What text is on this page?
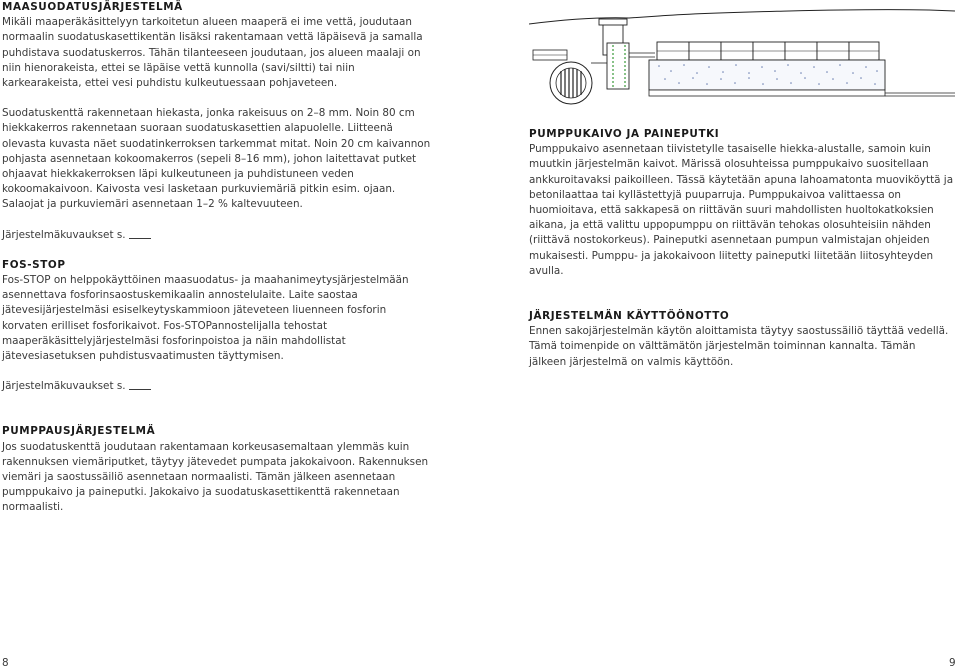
MAASUODATUSJÄRJESTELMÄ
Mikäli maaperäkäsittelyyn tarkoitetun alueen maaperä ei ime vettä, joudutaan normaalin suodatuskasettikentän lisäksi rakentamaan vettä läpäisevä ja samalla puhdistava suodatuskerros. Tähän tilanteeseen joudutaan, jos alueen maalaji on niin hienorakeista, ettei se läpäise vettä kunnolla (savi/siltti) tai niin karkearakeista, ettei vesi puhdistu kulkeutuessaan pohjaveteen.
Suodatuskenttä rakennetaan hiekasta, jonka rakeisuus on 2–8 mm. Noin 80 cm hiekkakerros rakennetaan suoraan suodatuskasettien alapuolelle. Liitteenä olevasta kuvasta näet suodatinkerroksen tarkemmat mitat. Noin 20 cm kaivannon pohjasta asennetaan kokoomakerros (sepeli 8–16 mm), johon laitettavat putket ohjaavat hiekkakerroksen läpi kulkeutuneen ja puhdistuneen veden kokoomakaivoon. Kaivosta vesi lasketaan purkuviemäriä pitkin esim. ojaan. Salaojat ja purkuviemäri asennetaan 1–2 % kaltevuuteen.
Järjestelmäkuvaukset s.
FOS-STOP
Fos-STOP on helppokäyttöinen maasuodatus- ja maahanimeytysjärjestelmään asennettava fosforinsaostuskemikaalin annostelulaite. Laite saostaa jätevesijärjestelmäsi esiselkeytyskammioon jäteveteen liuenneen fosforin korvaten erilliset fosforikaivot. Fos-STOPannostelijalla tehostat maaperäkäsittelyjärjestelmäsi fosforinpoistoa ja näin mahdollistat jätevesiasetuksen puhdistusvaatimusten täyttymisen.
Järjestelmäkuvaukset s.
PUMPPAUSJÄRJESTELMÄ
Jos suodatuskenttä joudutaan rakentamaan korkeusasemaltaan ylemmäs kuin rakennuksen viemäriputket, täytyy jätevedet pumpata jakokaivoon. Rakennuksen viemäri ja saostussäiliö asennetaan normaalisti. Tämän jälkeen asennetaan pumppukaivo ja paineputki. Jakokaivo ja suodatuskasettikenttä rakennetaan normaalisti.
PUMPPUKAIVO JA PAINEPUTKI
Pumppukaivo asennetaan tiivistetylle tasaiselle hiekka-alustalle, samoin kuin muutkin järjestelmän kaivot. Märissä olosuhteissa pumppukaivo suositellaan ankkuroitavaksi paikoilleen. Tässä käytetään apuna lahoamatonta muoviköyttä ja betonilaattaa tai kyllästettyjä puuparruja. Pumppukaivoa valittaessa on huomioitava, että sakkapesä on riittävän suuri mahdollisten huoltokatkoksien aikana, ja että valittu uppopumppu on riittävän tehokas olosuhteisiin nähden (riittävä nostokorkeus). Paineputki asennetaan pumpun valmistajan ohjeiden mukaisesti. Pumppu- ja jakokaivoon liitetty paineputki liitetään liitosyhteyden avulla.
JÄRJESTELMÄN KÄYTTÖÖNOTTO
Ennen sakojärjestelmän käytön aloittamista täytyy saostussäiliö täyttää vedellä. Tämä toimenpide on välttämätön järjestelmän toiminnan kannalta. Tämän jälkeen järjestelmä on valmis käyttöön.
8	9
